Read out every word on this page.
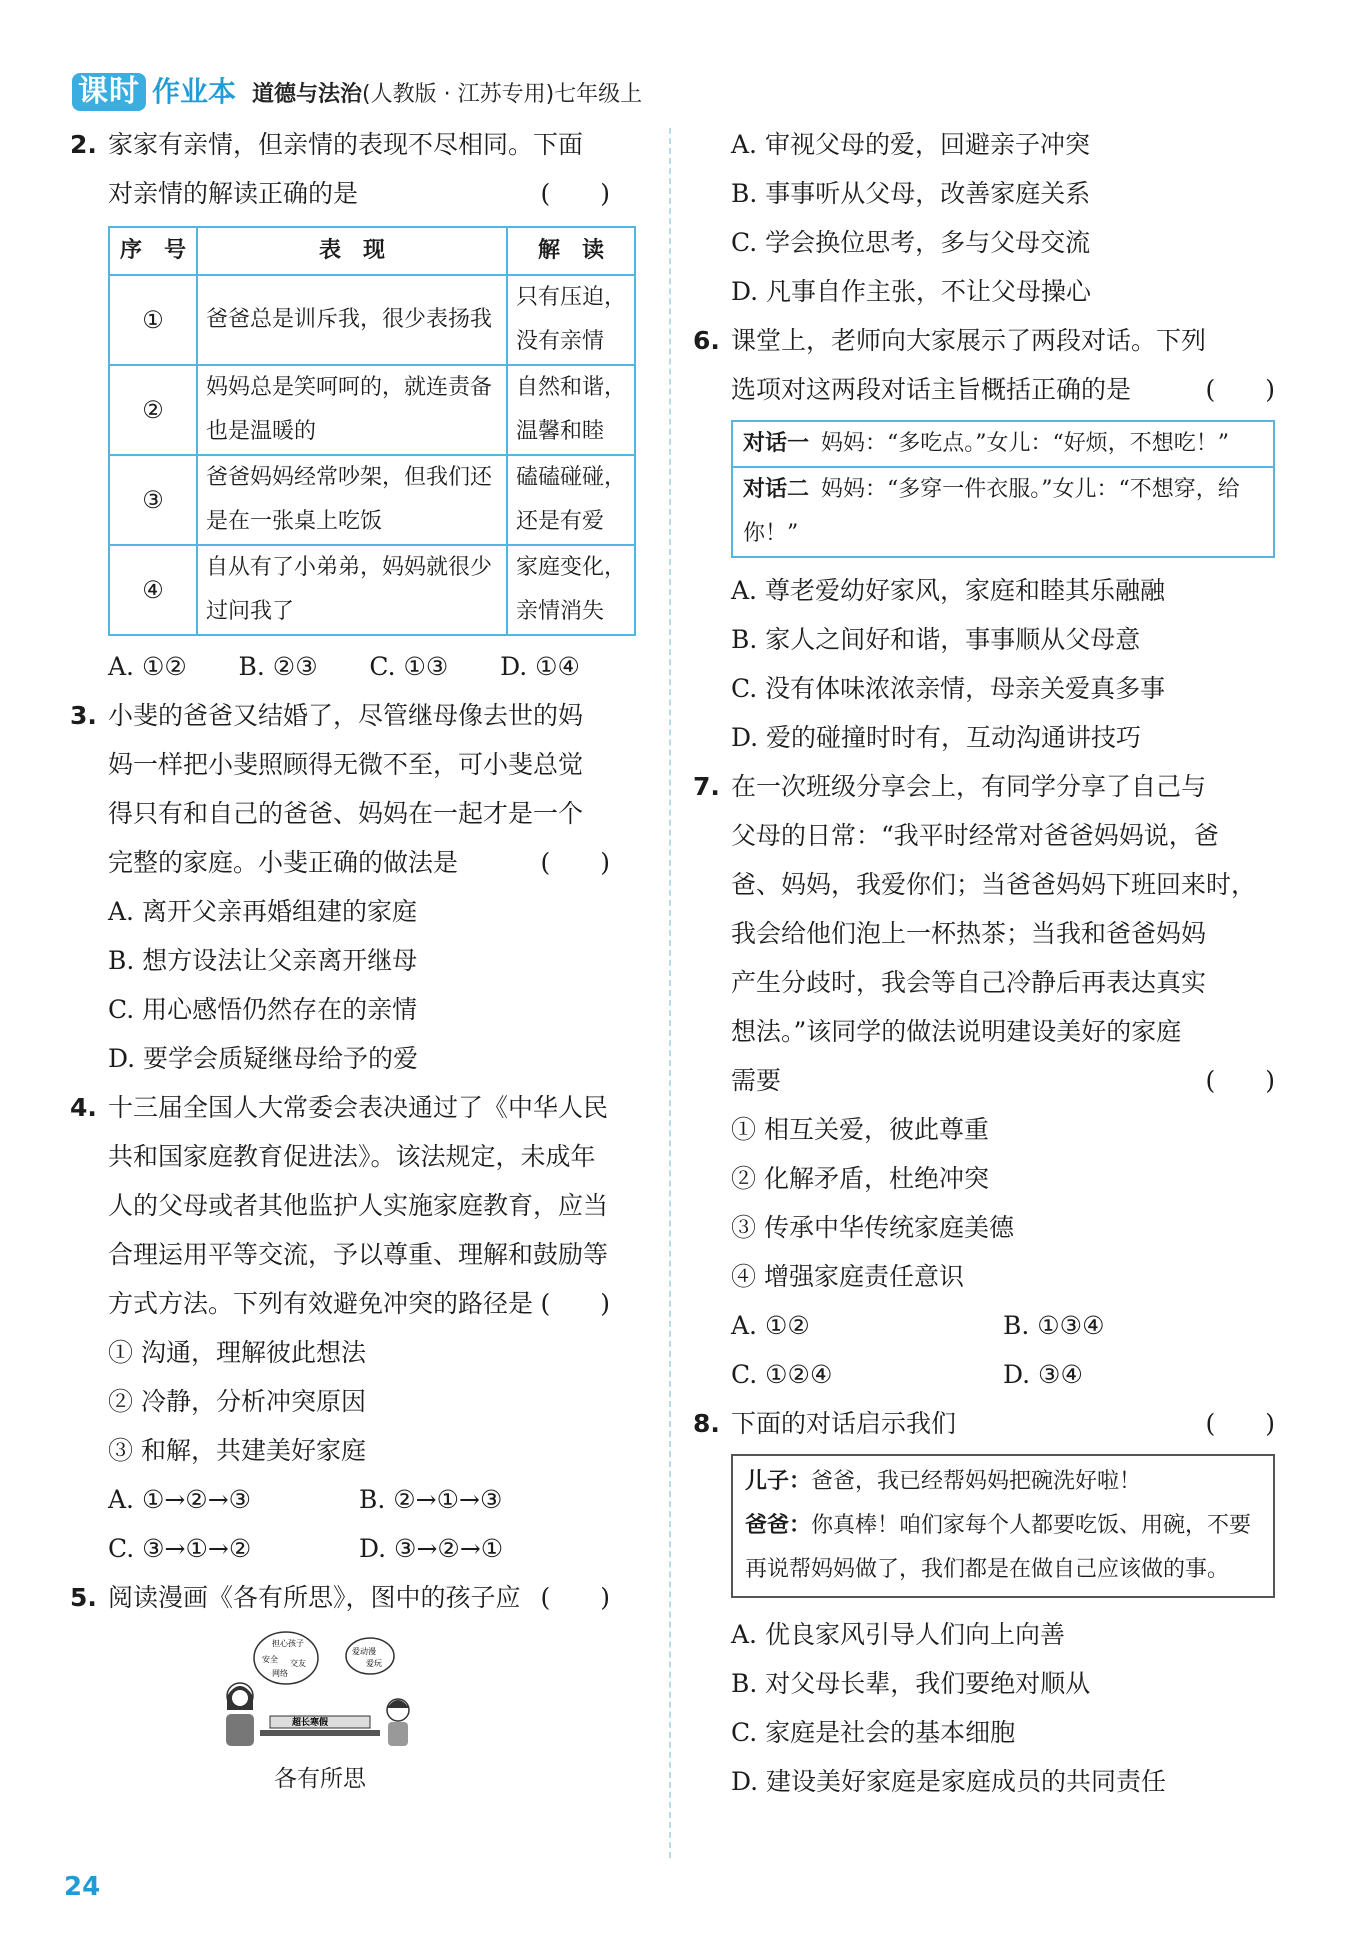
课时 作业本 道德与法治 (人教版 · 江苏专用)七年级上
2. 家家有亲情，但亲情的表现不尽相同。下面
对亲情的解读正确的是	(　　)
序　号	表　现	解　读
①	爸爸总是训斥我，很少表扬我	只有压迫，没有亲情
②	妈妈总是笑呵呵的，就连责备也是温暖的	自然和谐，温馨和睦
③	爸爸妈妈经常吵架，但我们还是在一张桌上吃饭	磕磕碰碰，还是有爱
④	自从有了小弟弟，妈妈就很少过问我了	家庭变化，亲情消失
A. ①② B. ②③ C. ①③ D. ①④
3. 小斐的爸爸又结婚了，尽管继母像去世的妈
妈一样把小斐照顾得无微不至，可小斐总觉
得只有和自己的爸爸、妈妈在一起才是一个
完整的家庭。小斐正确的做法是	(　　)
A. 离开父亲再婚组建的家庭
B. 想方设法让父亲离开继母
C. 用心感悟仍然存在的亲情
D. 要学会质疑继母给予的爱
4. 十三届全国人大常委会表决通过了《中华人民
共和国家庭教育促进法》。该法规定，未成年
人的父母或者其他监护人实施家庭教育，应当
合理运用平等交流，予以尊重、理解和鼓励等
方式方法。下列有效避免冲突的路径是 (　　)
① 沟通，理解彼此想法
② 冷静，分析冲突原因
③ 和解，共建美好家庭
A. ①→②→③	B. ②→①→③
C. ③→①→②	D. ③→②→①
5. 阅读漫画《各有所思》，图中的孩子应 (　　)
担心孩子
安全 交友
网络
爱动漫
爱玩
超长寒假
各有所思
A. 审视父母的爱，回避亲子冲突
B. 事事听从父母，改善家庭关系
C. 学会换位思考，多与父母交流
D. 凡事自作主张，不让父母操心
6. 课堂上，老师向大家展示了两段对话。下列
选项对这两段对话主旨概括正确的是	(　　)
对话一 妈妈：“多吃点。”女儿：“好烦，不想吃！”
对话二 妈妈：“多穿一件衣服。”女儿：“不想穿，给你！”
A. 尊老爱幼好家风，家庭和睦其乐融融
B. 家人之间好和谐，事事顺从父母意
C. 没有体味浓浓亲情，母亲关爱真多事
D. 爱的碰撞时时有，互动沟通讲技巧
7. 在一次班级分享会上，有同学分享了自己与
父母的日常：“我平时经常对爸爸妈妈说，爸
爸、妈妈，我爱你们；当爸爸妈妈下班回来时，
我会给他们泡上一杯热茶；当我和爸爸妈妈
产生分歧时，我会等自己冷静后再表达真实
想法。”该同学的做法说明建设美好的家庭
需要	(　　)
① 相互关爱，彼此尊重
② 化解矛盾，杜绝冲突
③ 传承中华传统家庭美德
④ 增强家庭责任意识
A. ①②	B. ①③④
C. ①②④	D. ③④
8. 下面的对话启示我们	(　　)
儿子：爸爸，我已经帮妈妈把碗洗好啦！
爸爸：你真棒！咱们家每个人都要吃饭、用碗，不要再说帮妈妈做了，我们都是在做自己应该做的事。
A. 优良家风引导人们向上向善
B. 对父母长辈，我们要绝对顺从
C. 家庭是社会的基本细胞
D. 建设美好家庭是家庭成员的共同责任
24
